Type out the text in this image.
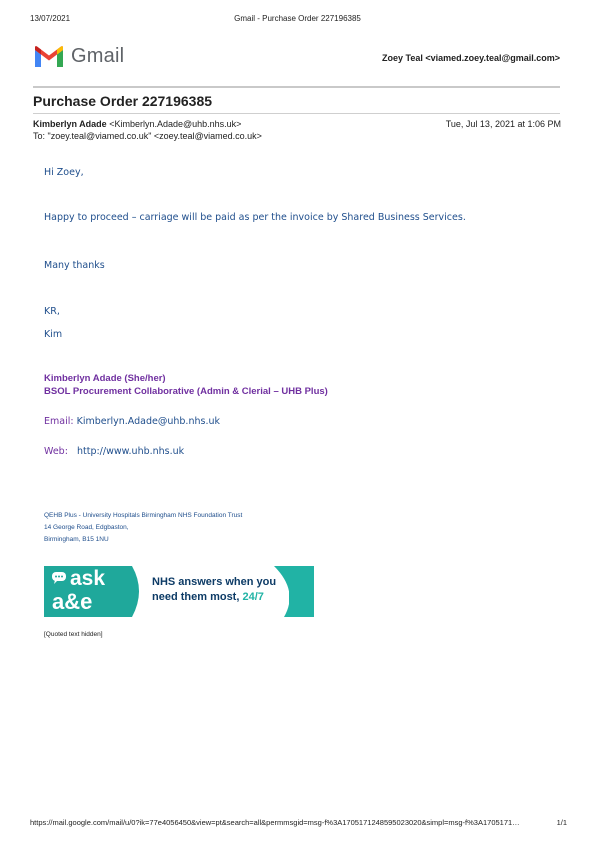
Gmail - Purchase Order 227196385
13/07/2021
Gmail	Zoey Teal <viamed.zoey.teal@gmail.com>
Purchase Order 227196385
Kimberlyn Adade <Kimberlyn.Adade@uhb.nhs.uk>	Tue, Jul 13, 2021 at 1:06 PM
To: "zoey.teal@viamed.co.uk" <zoey.teal@viamed.co.uk>
Hi Zoey,
Happy to proceed – carriage will be paid as per the invoice by Shared Business Services.
Many thanks
KR,
Kim
Kimberlyn Adade (She/her)
BSOL Procurement Collaborative (Admin & Clerial – UHB Plus)
Email: Kimberlyn.Adade@uhb.nhs.uk
Web: http://www.uhb.nhs.uk
QEHB Plus - University Hospitals Birmingham NHS Foundation Trust
14 George Road, Edgbaston,
Birmingham, B15 1NU
ask
a&e
NHS answers when you
need them most, 24/7
[Quoted text hidden]
https://mail.google.com/mail/u/0?ik=77e4056450&view=pt&search=all&permmsgid=msg-f%3A1705171248595023020&simpl=msg-f%3A1705171…	1/1
